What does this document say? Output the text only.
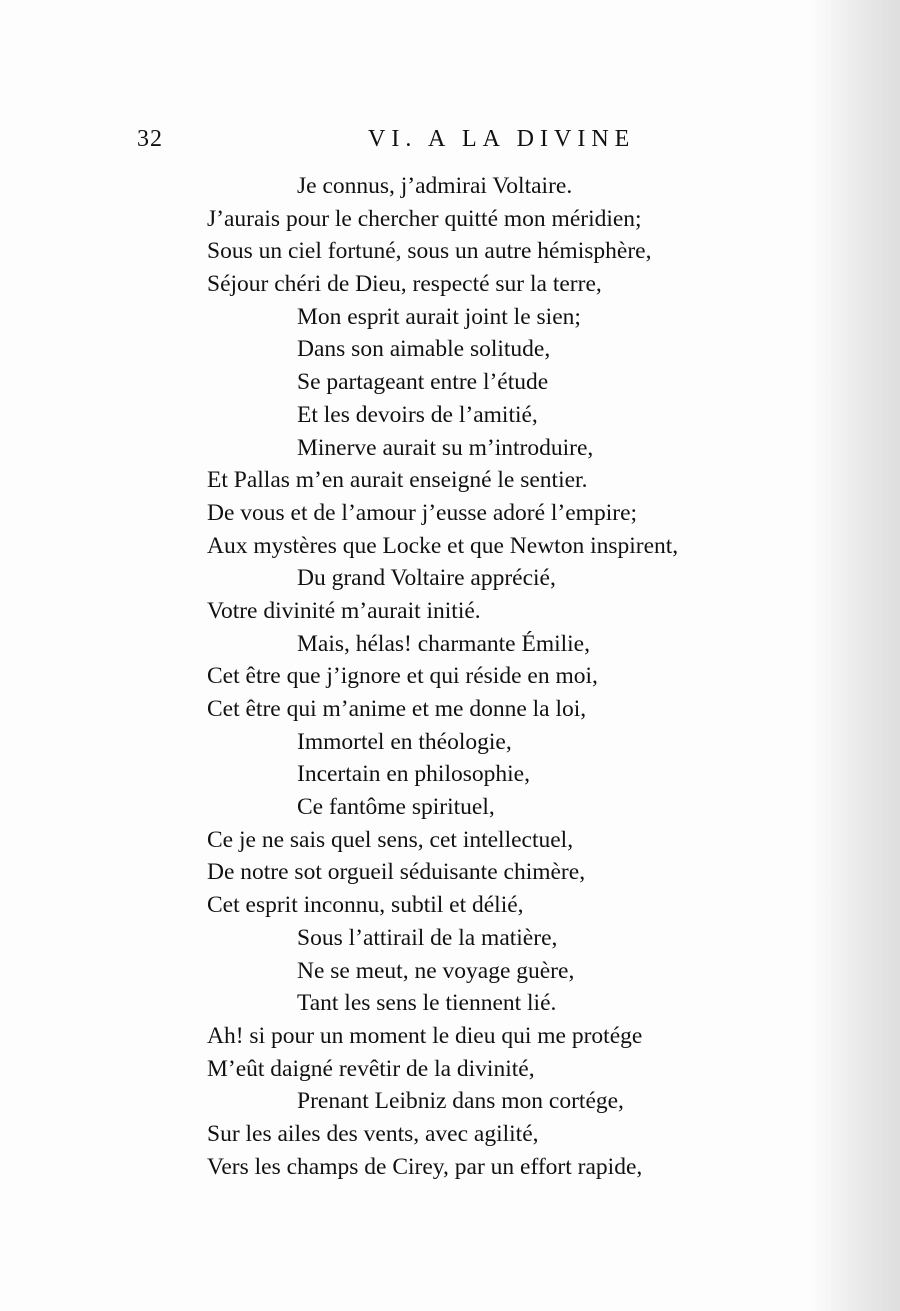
32	VI. A LA DIVINE
Je connus, j’admirai Voltaire.
J’aurais pour le chercher quitté mon méridien;
Sous un ciel fortuné, sous un autre hémisphère,
Séjour chéri de Dieu, respecté sur la terre,
Mon esprit aurait joint le sien;
Dans son aimable solitude,
Se partageant entre l’étude
Et les devoirs de l’amitié,
Minerve aurait su m’introduire,
Et Pallas m’en aurait enseigné le sentier.
De vous et de l’amour j’eusse adoré l’empire;
Aux mystères que Locke et que Newton inspirent,
Du grand Voltaire apprécié,
Votre divinité m’aurait initié.
Mais, hélas! charmante Émilie,
Cet être que j’ignore et qui réside en moi,
Cet être qui m’anime et me donne la loi,
Immortel en théologie,
Incertain en philosophie,
Ce fantôme spirituel,
Ce je ne sais quel sens, cet intellectuel,
De notre sot orgueil séduisante chimère,
Cet esprit inconnu, subtil et délié,
Sous l’attirail de la matière,
Ne se meut, ne voyage guère,
Tant les sens le tiennent lié.
Ah! si pour un moment le dieu qui me protége
M’eût daigné revêtir de la divinité,
Prenant Leibniz dans mon cortége,
Sur les ailes des vents, avec agilité,
Vers les champs de Cirey, par un effort rapide,
